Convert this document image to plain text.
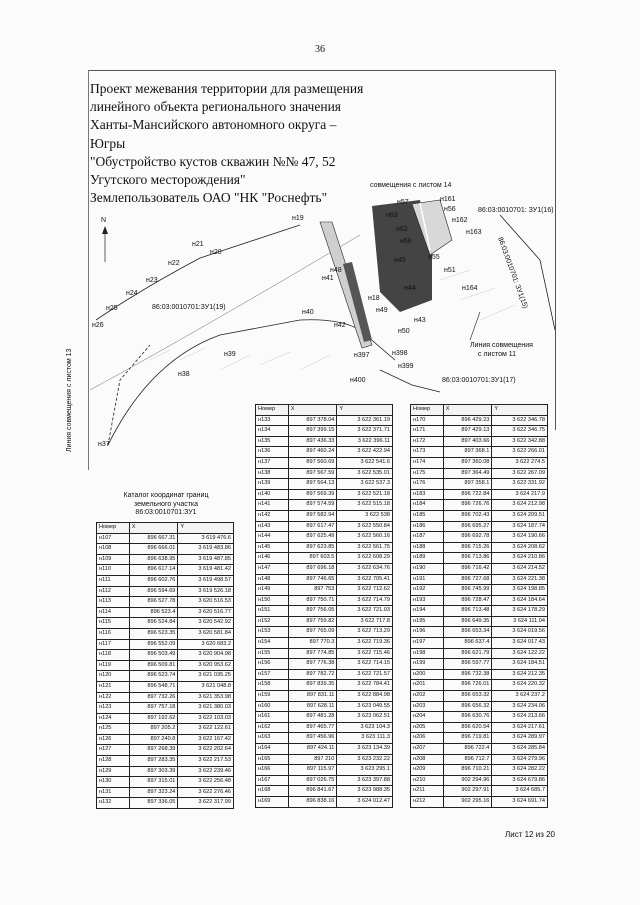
36
Проект межевания территории для размещения
линейного объекта регионального значения
Ханты-Мансийского автономного округа –
Югры
"Обустройство кустов скважин №№ 47, 52
Угутского месторождения"
Землепользователь ОАО "НК "Роснефть"
N	н19
н21
н20
н22
н23
н24
н25
н26
н37
н38
н39
н40
н41
н42
н48
н18
н49
н50
н397	н398
н399
н400
н57
н56
н161
н162
н163
н164
н63
н62
н58
н55
н51
н45
н43
н44
86:03:0010701:ЗУ1(19)
86:03:0010701: ЗУ1(16)
86:03:0010701:ЗУ1(17)
86:03:0010701: ЗУ1(15)
совмещения с листом 14
Линия совмещения
с листом 11
Линия совмещения с листом 13
Каталог координат границ
земельного участка
86:03:0010701:ЗУ1
Номер	X	Y
н107	896 667.31	3 619 476.6
н108	896 666.01	3 619 483.86
н109	896 638.95	3 619 487.85
н110	896 617.14	3 619 481.42
н111	896 602.76	3 619 498.57
н112	896 594.69	3 619 526.18
н113	896 527.78	3 620 516.53
н114	896 523.4	3 620 516.77
н115	896 524.84	3 620 542.92
н116	896 523.35	3 620 581.84
н117	896 552.09	3 620 683.2
н118	896 503.49	3 620 904.98
н119	896 509.81	3 620 953.62
н120	896 523.74	3 621 035.25
н121	896 548.71	3 621 048.8
н122	897 732.26	3 621 353.98
н123	897 757.18	3 621 380.03
н124	897 192.62	3 622 103.03
н125	897 205.2	3 622 122.61
н126	897 240.8	3 622 167.42
н127	897 268.39	3 622 202.64
н128	897 283.35	3 622 217.53
н129	897 303.39	3 622 239.46
н130	897 315.01	3 622 256.48
н131	897 323.24	3 622 276.46
н132	897 336.05	3 622 317.99
Номер	X	Y
н133	897 378.04	3 622 361.19
н134	897 399.15	3 622 371.71
н135	897 436.33	3 622 396.11
н136	897 460.24	3 622 422.94
н137	897 560.69	3 622 541.6
н138	897 567.59	3 622 535.01
н139	897 564.13	3 622 537.3
н140	897 569.39	3 622 521.18
н141	897 574.59	3 622 515.18
н142	897 582.94	3 622 538
н143	897 617.47	3 622 550.84
н144	897 625.49	3 622 560.16
н145	897 623.85	3 622 561.75
н146	897 603.5	3 622 608.29
н147	897 696.18	3 622 634.76
н148	897 746.65	3 622 705.41
н149	897 753	3 622 712.62
н150	897 750.71	3 622 714.79
н151	897 756.05	3 622 721.03
н152	897 759.82	3 622 717.8
н153	897 765.09	3 622 713.29
н154	897 770.3	3 622 719.36
н155	897 774.85	3 622 715.46
н156	897 776.38	3 622 714.15
н157	897 782.72	3 622 721.57
н158	897 839.35	3 622 784.41
н159	897 831.11	3 622 884.98
н160	897 628.11	3 623 049.55
н161	897 481.28	3 623 062.51
н162	897 465.77	3 623 104.3
н163	897 456.96	3 623 111.3
н164	897 424.11	3 623 134.39
н165	897 210	3 623 232.22
н166	897 115.97	3 623 295.1
н167	897 026.75	3 623 397.88
н168	896 841.67	3 623 988.35
н169	896 838.16	3 624 012.47
Номер	X	Y
н170	896 429.23	3 622 346.78
н171	897 429.13	3 622 346.75
н172	897 403.66	3 622 342.88
н173	897 368.1	3 622 266.01
н174	897 360.08	3 622 274.5
н175	897 364.49	3 622 267.09
н176	897 358.1	3 622 331.92
н183	896 722.84	3 624 217.9
н184	896 726.76	3 624 212.98
н185	896 702.43	3 624 209.51
н186	896 695.27	3 624 187.74
н187	896 692.78	3 624 190.66
н188	896 715.26	3 624 208.62
н189	896 713.86	3 624 210.86
н190	896 716.42	3 624 214.52
н191	896 727.68	3 624 221.38
н192	896 745.99	3 624 198.85
н193	896 728.47	3 624 184.64
н194	896 713.48	3 624 178.29
н195	896 649.35	3 624 111.04
н196	896 653.34	3 624 019.56
н197	896 637.4	3 624 017.43
н198	896 621.79	3 624 122.22
н199	896 597.77	3 624 184.51
н200	896 732.38	3 624 212.35
н201	896 726.01	3 624 220.32
н202	896 653.32	3 624 237.2
н203	896 656.32	3 624 234.06
н204	896 630.76	3 624 213.66
н205	896 620.54	3 624 217.61
н206	896 719.81	3 624 289.97
н207	896 722.4	3 624 285.84
н208	896 712.7	3 624 279.96
н209	896 710.21	3 624 282.22
н210	902 294.96	3 624 679.86
н211	902 297.91	3 624 685.7
н212	902 295.16	3 624 691.74
Лист 12 из 20
